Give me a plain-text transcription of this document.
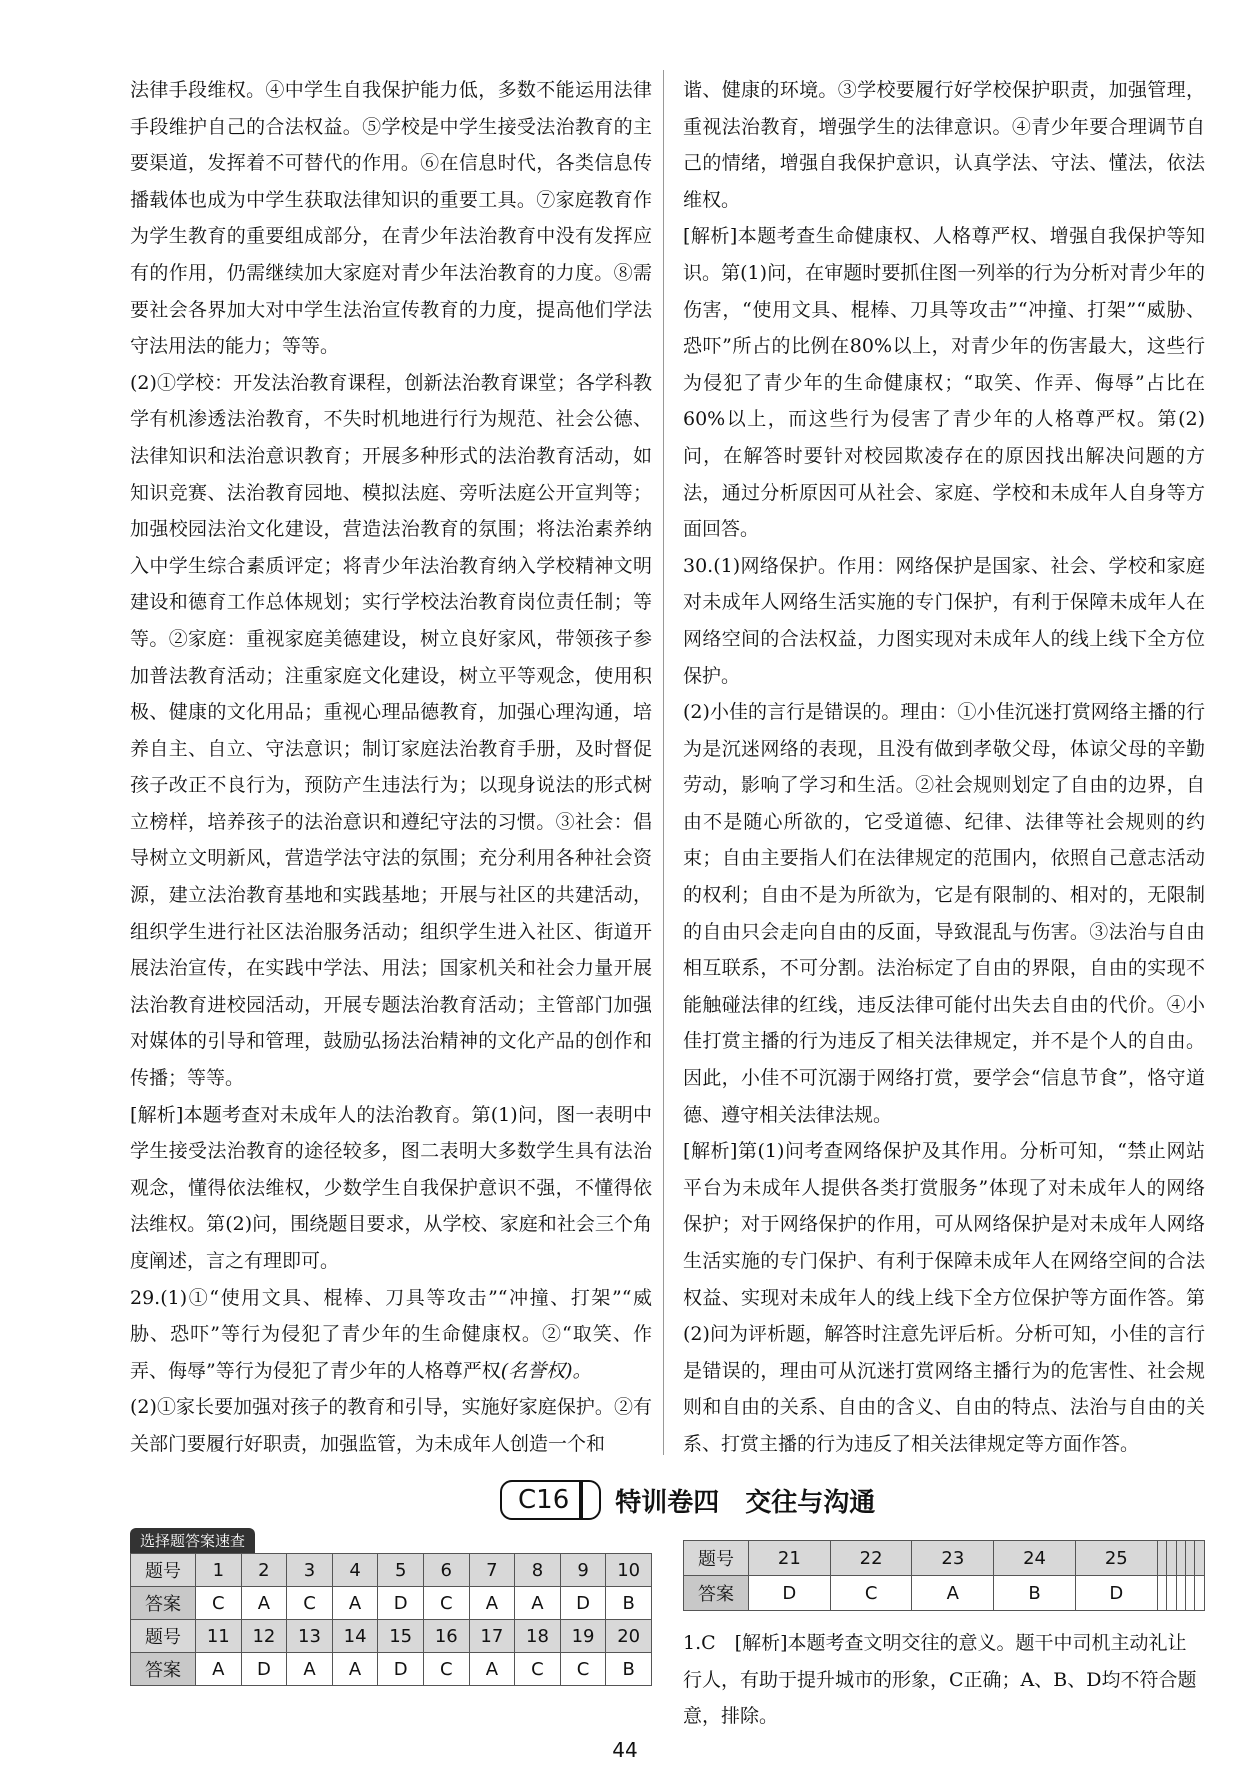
法律手段维权。④中学生自我保护能力低，多数不能运用法律手段维护自己的合法权益。⑤学校是中学生接受法治教育的主要渠道，发挥着不可替代的作用。⑥在信息时代，各类信息传播载体也成为中学生获取法律知识的重要工具。⑦家庭教育作为学生教育的重要组成部分，在青少年法治教育中没有发挥应有的作用，仍需继续加大家庭对青少年法治教育的力度。⑧需要社会各界加大对中学生法治宣传教育的力度，提高他们学法守法用法的能力；等等。

(2)①学校：开发法治教育课程，创新法治教育课堂；各学科教学有机渗透法治教育，不失时机地进行行为规范、社会公德、法律知识和法治意识教育；开展多种形式的法治教育活动，如知识竞赛、法治教育园地、模拟法庭、旁听法庭公开宣判等；加强校园法治文化建设，营造法治教育的氛围；将法治素养纳入中学生综合素质评定；将青少年法治教育纳入学校精神文明建设和德育工作总体规划；实行学校法治教育岗位责任制；等等。②家庭：重视家庭美德建设，树立良好家风，带领孩子参加普法教育活动；注重家庭文化建设，树立平等观念，使用积极、健康的文化用品；重视心理品德教育，加强心理沟通，培养自主、自立、守法意识；制订家庭法治教育手册，及时督促孩子改正不良行为，预防产生违法行为；以现身说法的形式树立榜样，培养孩子的法治意识和遵纪守法的习惯。③社会：倡导树立文明新风，营造学法守法的氛围；充分利用各种社会资源，建立法治教育基地和实践基地；开展与社区的共建活动，组织学生进行社区法治服务活动；组织学生进入社区、街道开展法治宣传，在实践中学法、用法；国家机关和社会力量开展法治教育进校园活动，开展专题法治教育活动；主管部门加强对媒体的引导和管理，鼓励弘扬法治精神的文化产品的创作和传播；等等。

[解析]本题考查对未成年人的法治教育。第(1)问，图一表明中学生接受法治教育的途径较多，图二表明大多数学生具有法治观念，懂得依法维权，少数学生自我保护意识不强，不懂得依法维权。第(2)问，围绕题目要求，从学校、家庭和社会三个角度阐述，言之有理即可。

29.(1)①“使用文具、棍棒、刀具等攻击”“冲撞、打架”“威胁、恐吓”等行为侵犯了青少年的生命健康权。②“取笑、作弄、侮辱”等行为侵犯了青少年的人格尊严权(名誉权)。

(2)①家长要加强对孩子的教育和引导，实施好家庭保护。②有关部门要履行好职责，加强监管，为未成年人创造一个和

谐、健康的环境。③学校要履行好学校保护职责，加强管理，重视法治教育，增强学生的法律意识。④青少年要合理调节自己的情绪，增强自我保护意识，认真学法、守法、懂法，依法维权。

[解析]本题考查生命健康权、人格尊严权、增强自我保护等知识。第(1)问，在审题时要抓住图一列举的行为分析对青少年的伤害，“使用文具、棍棒、刀具等攻击”“冲撞、打架”“威胁、恐吓”所占的比例在80%以上，对青少年的伤害最大，这些行为侵犯了青少年的生命健康权；“取笑、作弄、侮辱”占比在60%以上，而这些行为侵害了青少年的人格尊严权。第(2)问，在解答时要针对校园欺凌存在的原因找出解决问题的方法，通过分析原因可从社会、家庭、学校和未成年人自身等方面回答。

30.(1)网络保护。作用：网络保护是国家、社会、学校和家庭对未成年人网络生活实施的专门保护，有利于保障未成年人在网络空间的合法权益，力图实现对未成年人的线上线下全方位保护。

(2)小佳的言行是错误的。理由：①小佳沉迷打赏网络主播的行为是沉迷网络的表现，且没有做到孝敬父母，体谅父母的辛勤劳动，影响了学习和生活。②社会规则划定了自由的边界，自由不是随心所欲的，它受道德、纪律、法律等社会规则的约束；自由主要指人们在法律规定的范围内，依照自己意志活动的权利；自由不是为所欲为，它是有限制的、相对的，无限制的自由只会走向自由的反面，导致混乱与伤害。③法治与自由相互联系，不可分割。法治标定了自由的界限，自由的实现不能触碰法律的红线，违反法律可能付出失去自由的代价。④小佳打赏主播的行为违反了相关法律规定，并不是个人的自由。因此，小佳不可沉溺于网络打赏，要学会“信息节食”，恪守道德、遵守相关法律法规。

[解析]第(1)问考查网络保护及其作用。分析可知，“禁止网站平台为未成年人提供各类打赏服务”体现了对未成年人的网络保护；对于网络保护的作用，可从网络保护是对未成年人网络生活实施的专门保护、有利于保障未成年人在网络空间的合法权益、实现对未成年人的线上线下全方位保护等方面作答。第(2)问为评析题，解答时注意先评后析。分析可知，小佳的言行是错误的，理由可从沉迷打赏网络主播行为的危害性、社会规则和自由的关系、自由的含义、自由的特点、法治与自由的关系、打赏主播的行为违反了相关法律规定等方面作答。

C16	特训卷四　交往与沟通
选择题答案速查
题号	1	2	3	4	5	6	7	8	9	10
答案	C	A	C	A	D	C	A	A	D	B
题号	11	12	13	14	15	16	17	18	19	20
答案	A	D	A	A	D	C	A	C	C	B
题号	21	22	23	24	25					
答案	D	C	A	B	D					
1.C　[解析]本题考查文明交往的意义。题干中司机主动礼让行人，有助于提升城市的形象，C正确；A、B、D均不符合题意，排除。
44
